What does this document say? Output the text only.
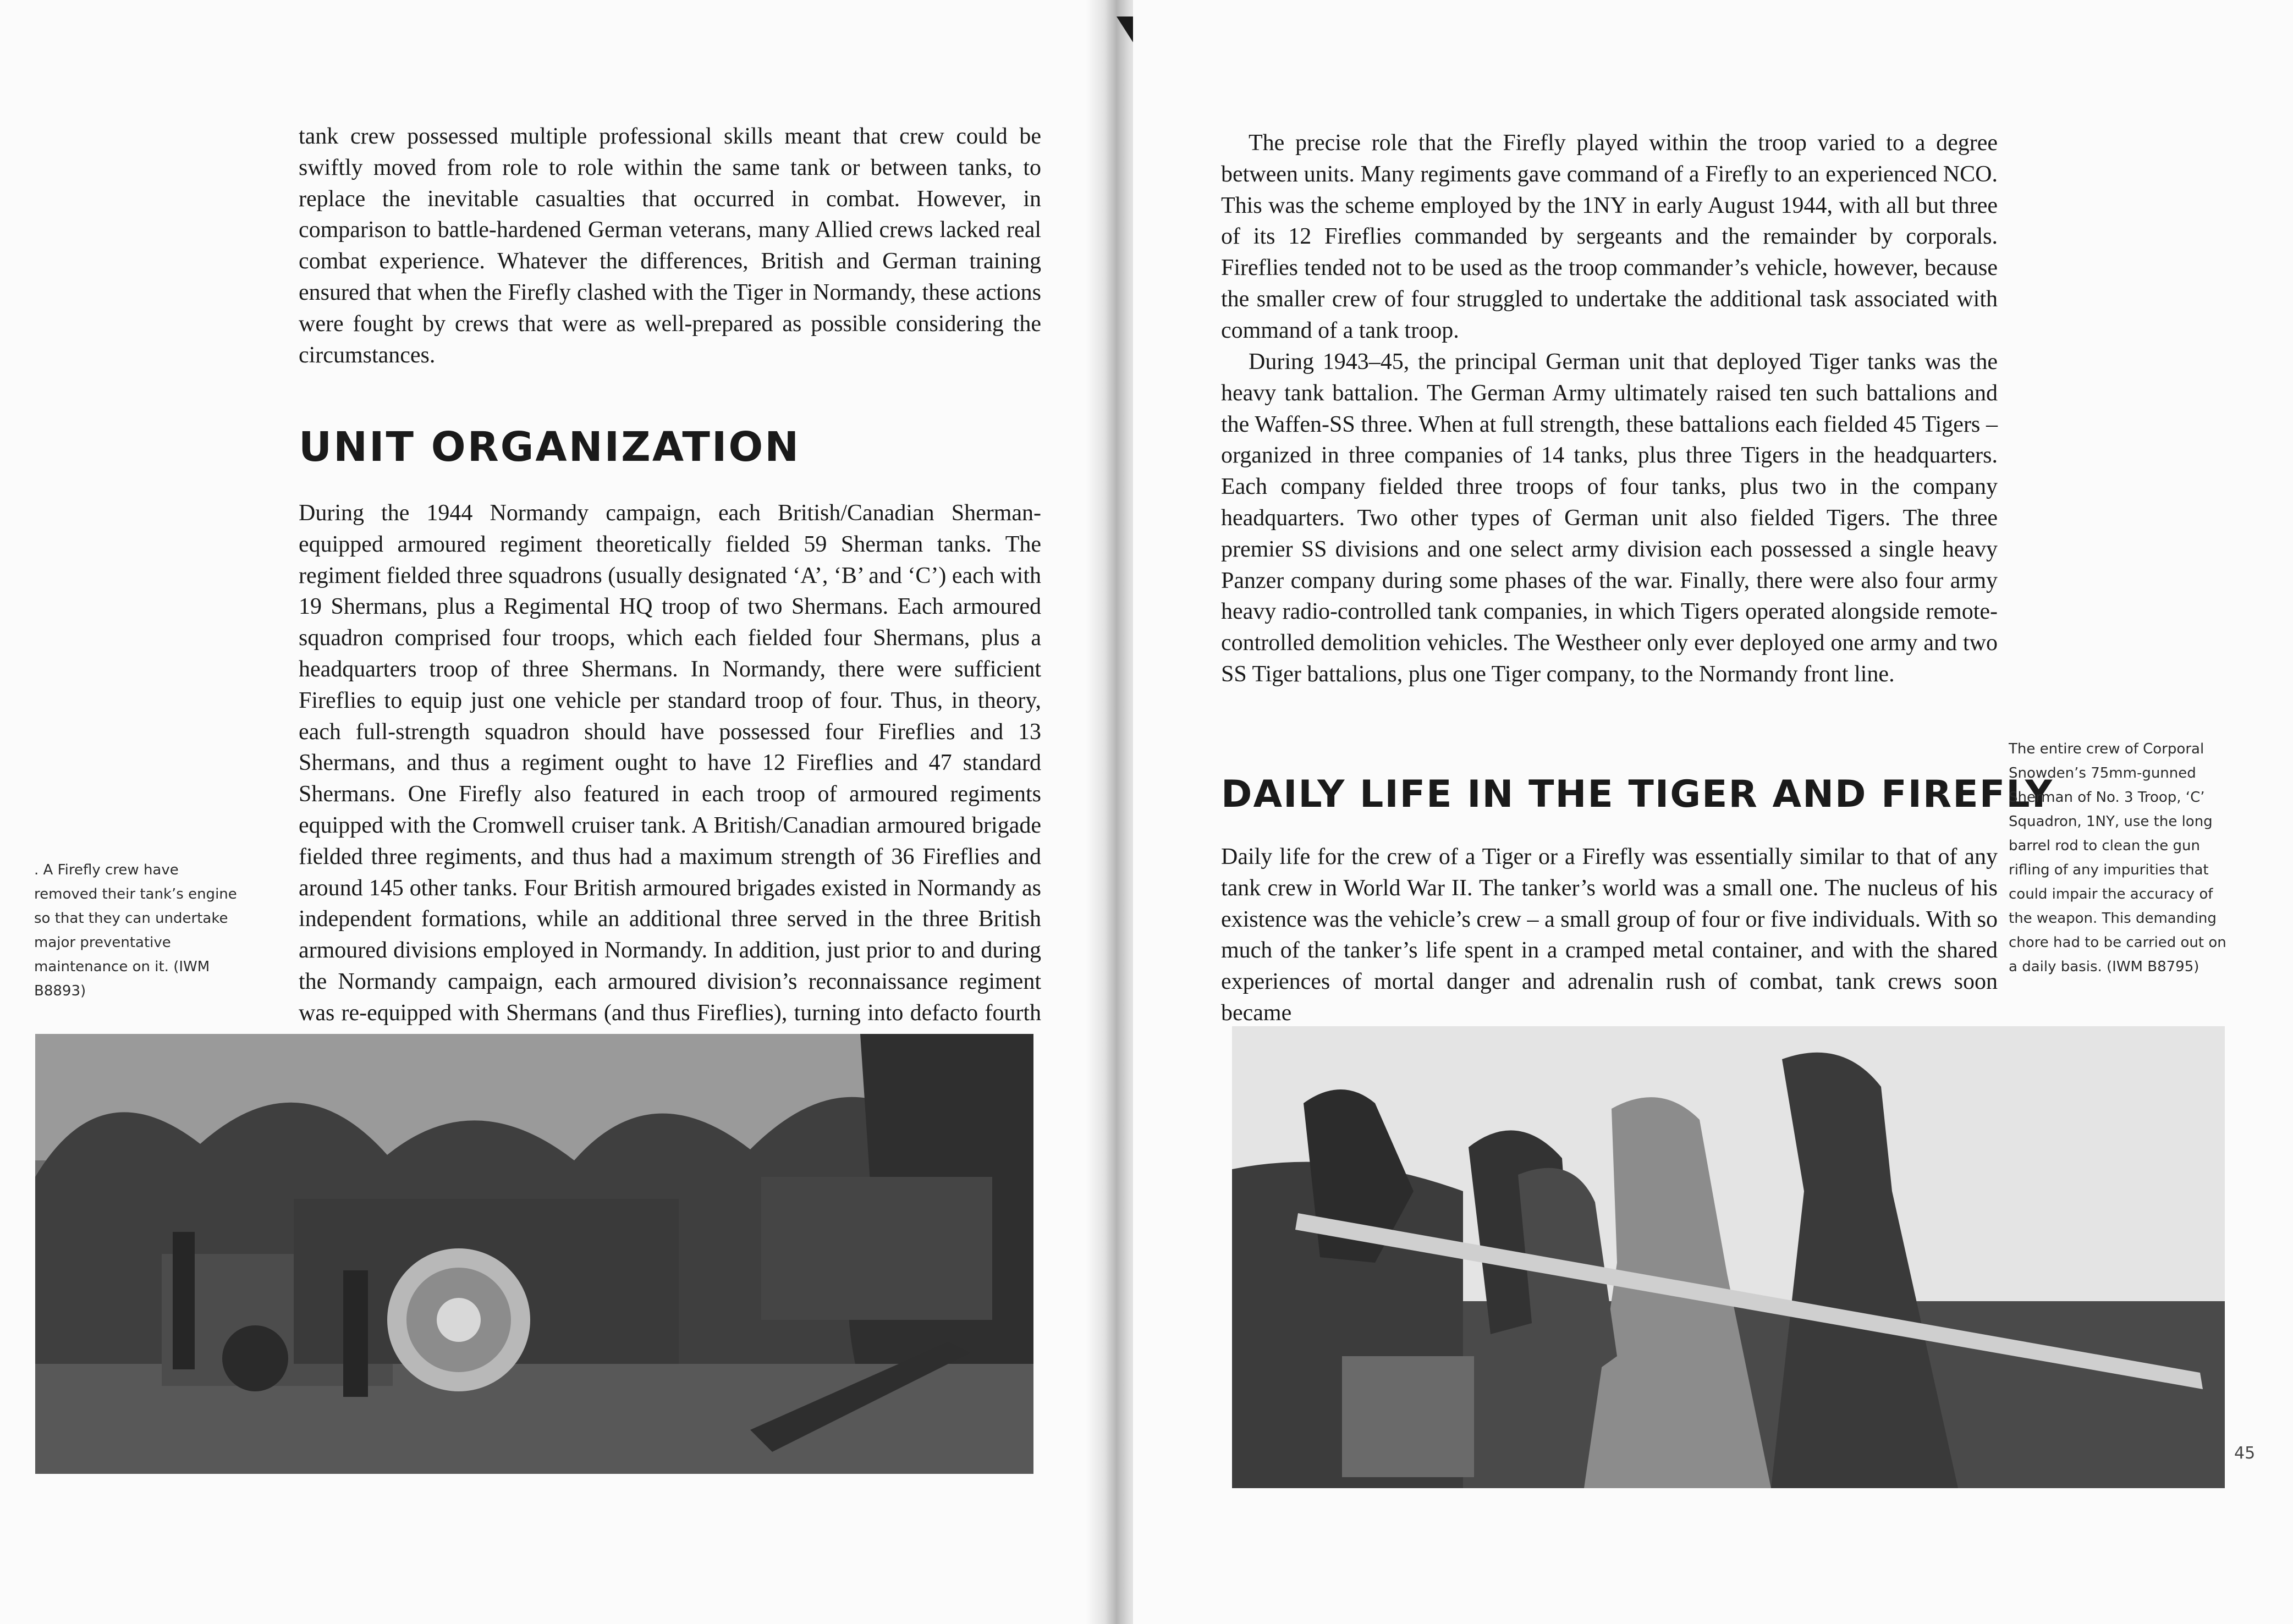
tank crew possessed multiple professional skills meant that crew could be swiftly moved from role to role within the same tank or between tanks, to replace the inevitable casualties that occurred in combat. However, in comparison to battle-hardened German veterans, many Allied crews lacked real combat experience. Whatever the differences, British and German training ensured that when the Firefly clashed with the Tiger in Normandy, these actions were fought by crews that were as well-prepared as possible considering the circumstances.

UNIT ORGANIZATION

During the 1944 Normandy campaign, each British/Canadian Sherman-equipped armoured regiment theoretically fielded 59 Sherman tanks. The regiment fielded three squadrons (usually designated ‘A’, ‘B’ and ‘C’) each with 19 Shermans, plus a Regimental HQ troop of two Shermans. Each armoured squadron comprised four troops, which each fielded four Shermans, plus a headquarters troop of three Shermans. In Normandy, there were sufficient Fireflies to equip just one vehicle per standard troop of four. Thus, in theory, each full-strength squadron should have possessed four Fireflies and 13 Shermans, and thus a regiment ought to have 12 Fireflies and 47 standard Shermans. One Firefly also featured in each troop of armoured regiments equipped with the Cromwell cruiser tank. A British/Canadian armoured brigade fielded three regiments, and thus had a maximum strength of 36 Fireflies and around 145 other tanks. Four British armoured brigades existed in Normandy as independent formations, while an additional three served in the three British armoured divisions employed in Normandy. In addition, just prior to and during the Normandy campaign, each armoured division’s reconnaissance regiment was re-equipped with Shermans (and thus Fireflies), turning into defacto fourth

. A Firefly crew have removed their tank’s engine so that they can undertake major preventative maintenance on it. (IWM B8893)

The precise role that the Firefly played within the troop varied to a degree between units. Many regiments gave command of a Firefly to an experienced NCO. This was the scheme employed by the 1NY in early August 1944, with all but three of its 12 Fireflies commanded by sergeants and the remainder by corporals. Fireflies tended not to be used as the troop commander’s vehicle, however, because the smaller crew of four struggled to undertake the additional task associated with command of a tank troop.

During 1943–45, the principal German unit that deployed Tiger tanks was the heavy tank battalion. The German Army ultimately raised ten such battalions and the Waffen-SS three. When at full strength, these battalions each fielded 45 Tigers – organized in three companies of 14 tanks, plus three Tigers in the headquarters. Each company fielded three troops of four tanks, plus two in the company headquarters. Two other types of German unit also fielded Tigers. The three premier SS divisions and one select army division each possessed a single heavy Panzer company during some phases of the war. Finally, there were also four army heavy radio-controlled tank companies, in which Tigers operated alongside remote-controlled demolition vehicles. The Westheer only ever deployed one army and two SS Tiger battalions, plus one Tiger company, to the Normandy front line.

DAILY LIFE IN THE TIGER AND FIREFLY

Daily life for the crew of a Tiger or a Firefly was essentially similar to that of any tank crew in World War II. The tanker’s world was a small one. The nucleus of his existence was the vehicle’s crew – a small group of four or five individuals. With so much of the tanker’s life spent in a cramped metal container, and with the shared experiences of mortal danger and adrenalin rush of combat, tank crews soon became

The entire crew of Corporal Snowden’s 75mm-gunned Sherman of No. 3 Troop, ‘C’ Squadron, 1NY, use the long barrel rod to clean the gun rifling of any impurities that could impair the accuracy of the weapon. This demanding chore had to be carried out on a daily basis. (IWM B8795)

45
